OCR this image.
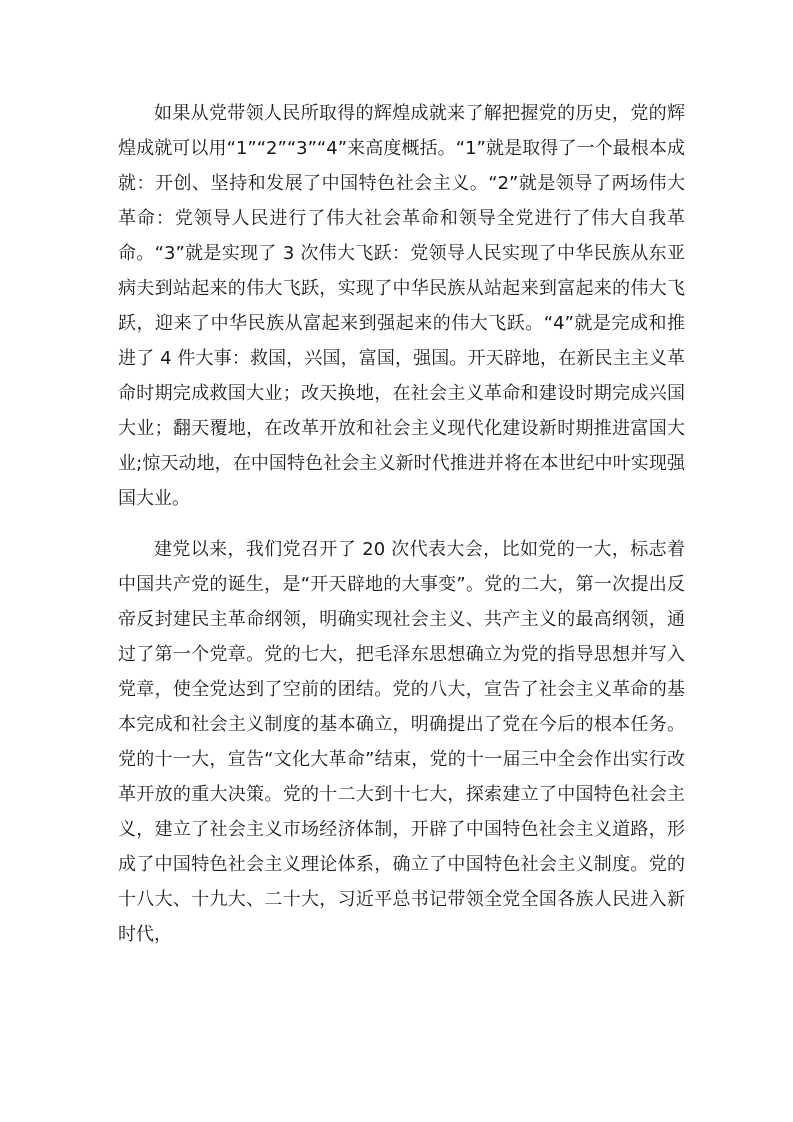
如果从党带领人民所取得的辉煌成就来了解把握党的历史，党的辉煌成就可以用“1”“2”“3”“4”来高度概括。“1”就是取得了一个最根本成就：开创、坚持和发展了中国特色社会主义。“2”就是领导了两场伟大革命：党领导人民进行了伟大社会革命和领导全党进行了伟大自我革命。“3”就是实现了 3 次伟大飞跃：党领导人民实现了中华民族从东亚病夫到站起来的伟大飞跃，实现了中华民族从站起来到富起来的伟大飞跃，迎来了中华民族从富起来到强起来的伟大飞跃。“4”就是完成和推进了 4 件大事：救国，兴国，富国，强国。开天辟地，在新民主主义革命时期完成救国大业；改天换地，在社会主义革命和建设时期完成兴国大业；翻天覆地，在改革开放和社会主义现代化建设新时期推进富国大业;惊天动地，在中国特色社会主义新时代推进并将在本世纪中叶实现强国大业。

建党以来，我们党召开了 20 次代表大会，比如党的一大，标志着中国共产党的诞生，是“开天辟地的大事变”。党的二大，第一次提出反帝反封建民主革命纲领，明确实现社会主义、共产主义的最高纲领，通过了第一个党章。党的七大，把毛泽东思想确立为党的指导思想并写入党章，使全党达到了空前的团结。党的八大，宣告了社会主义革命的基本完成和社会主义制度的基本确立，明确提出了党在今后的根本任务。党的十一大，宣告“文化大革命”结束，党的十一届三中全会作出实行改革开放的重大决策。党的十二大到十七大，探索建立了中国特色社会主义，建立了社会主义市场经济体制，开辟了中国特色社会主义道路，形成了中国特色社会主义理论体系，确立了中国特色社会主义制度。党的十八大、十九大、二十大，习近平总书记带领全党全国各族人民进入新时代，
